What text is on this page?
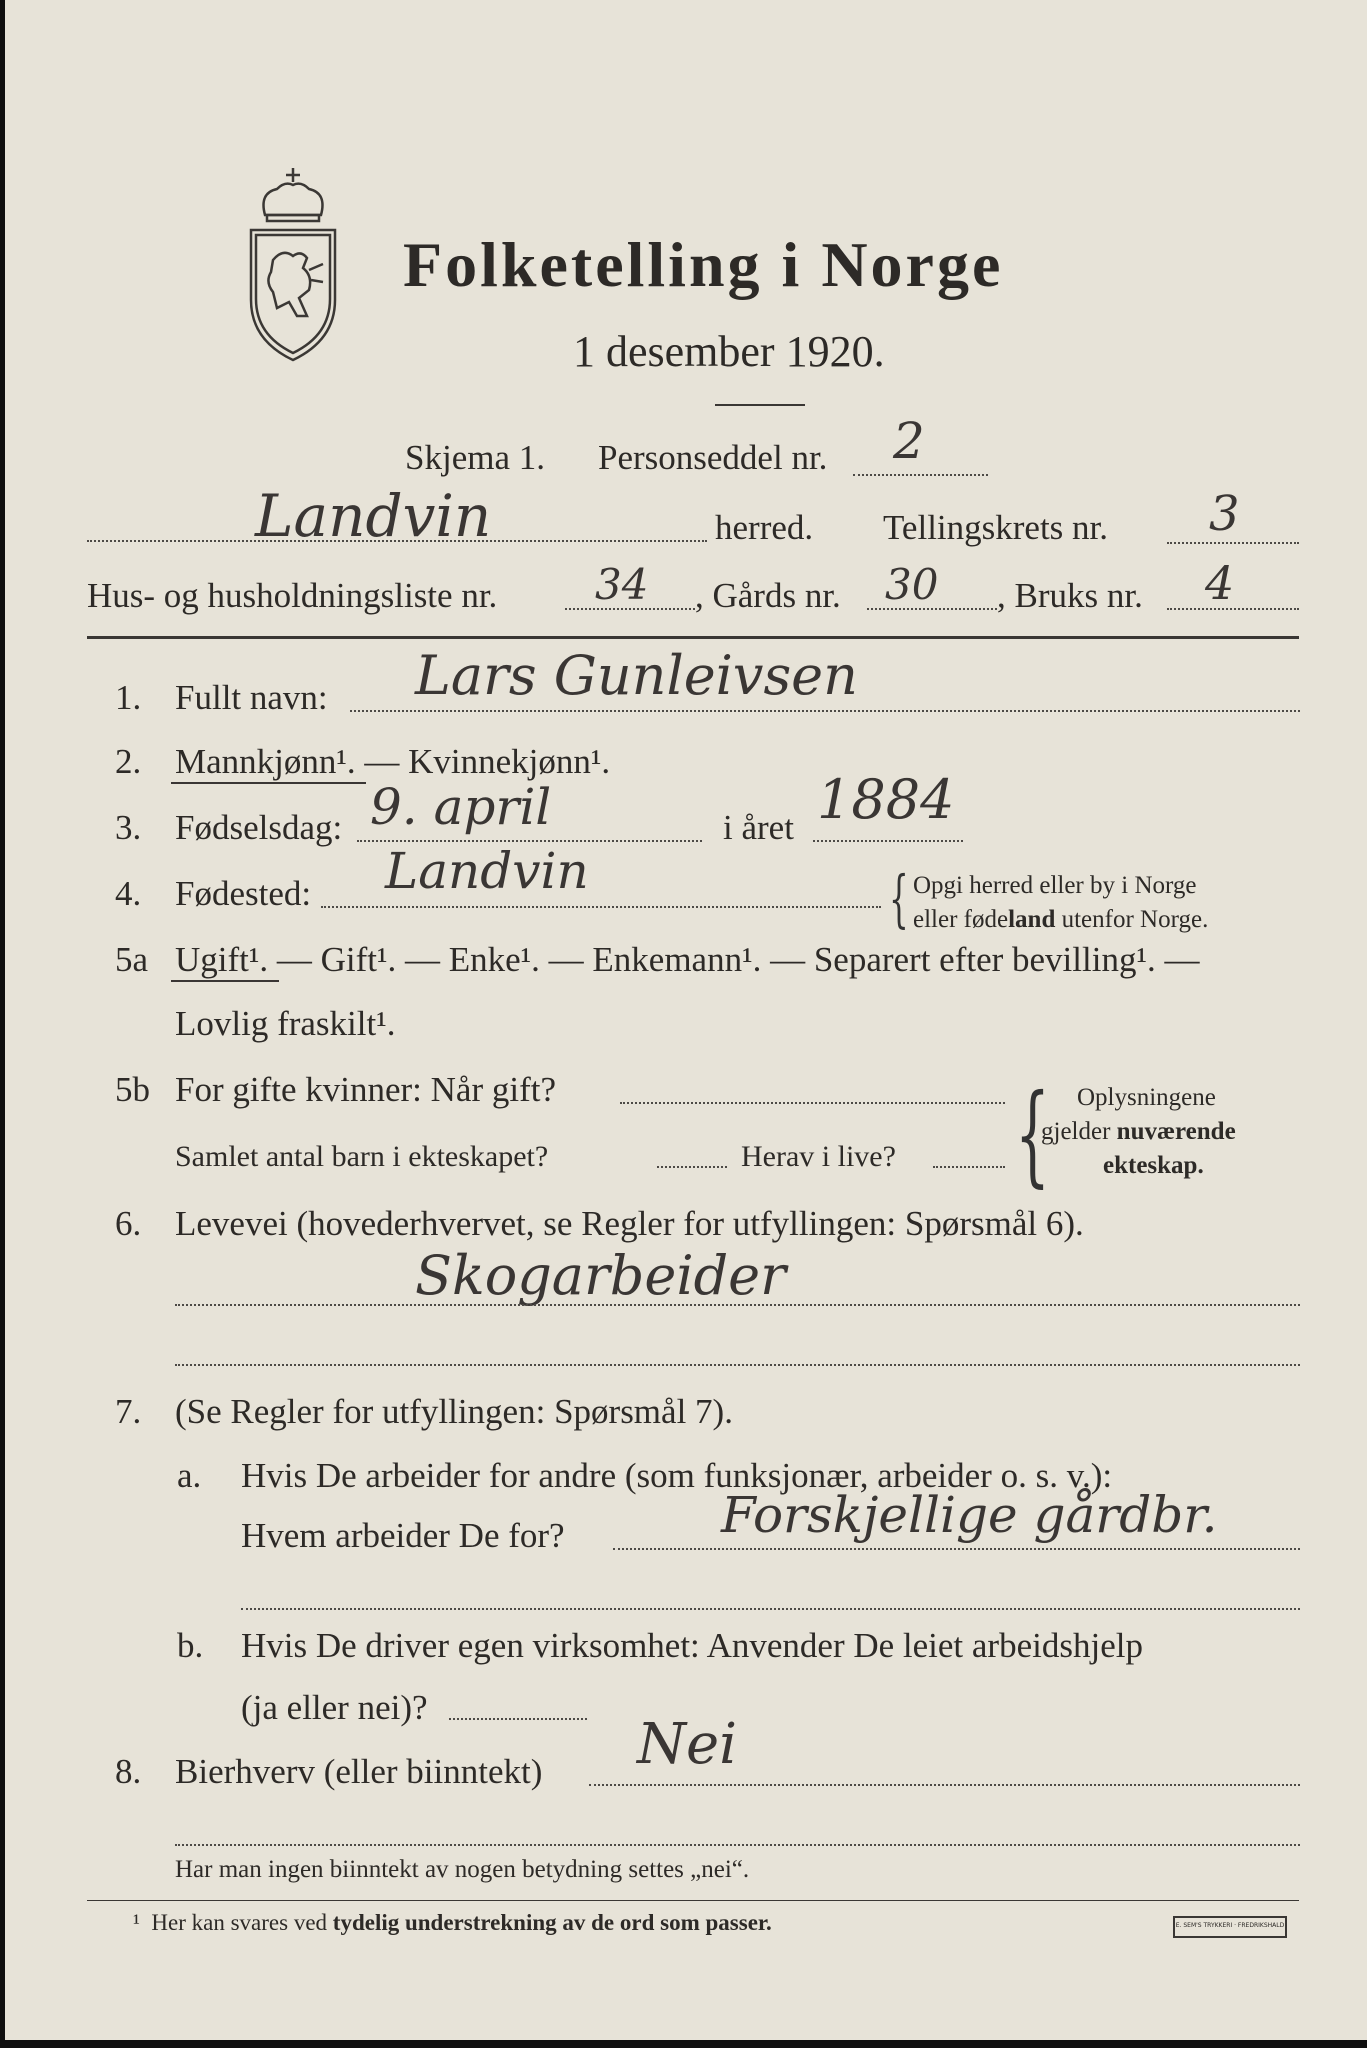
Folketelling i Norge
1 desember 1920.
Skjema 1. Personseddel nr. 2
Landvin	herred. Tellingskrets nr. 3
Hus- og husholdningsliste nr. 34 , Gårds nr. 30 , Bruks nr. 4
1. Fullt navn: Lars Gunleivsen
2. Mannkjønn¹. — Kvinnekjønn¹.
3. Fødselsdag: 9. april	i året 1884
4. Fødested: Landvin	{ Opgi herred eller by i Norge
eller fødeland utenfor Norge.
5a Ugift¹. — Gift¹. — Enke¹. — Enkemann¹. — Separert efter bevilling¹. —
Lovlig fraskilt¹.
5b For gifte kvinner: Når gift?
Samlet antal barn i ekteskapet?	Herav i live? { Oplysningene
gjelder nuværende
ekteskap.
6. Levevei (hovederhvervet, se Regler for utfyllingen: Spørsmål 6).
Skogarbeider
7. (Se Regler for utfyllingen: Spørsmål 7).
a. Hvis De arbeider for andre (som funksjonær, arbeider o. s. v.):
Hvem arbeider De for?	Forskjellige gårdbr.
b. Hvis De driver egen virksomhet: Anvender De leiet arbeidshjelp
(ja eller nei)?
8. Bierhverv (eller biinntekt) Nei
Har man ingen biinntekt av nogen betydning settes „nei“.
¹ Her kan svares ved tydelig understrekning av de ord som passer.	E. SEM'S TRYKKERI · FREDRIKSHALD
